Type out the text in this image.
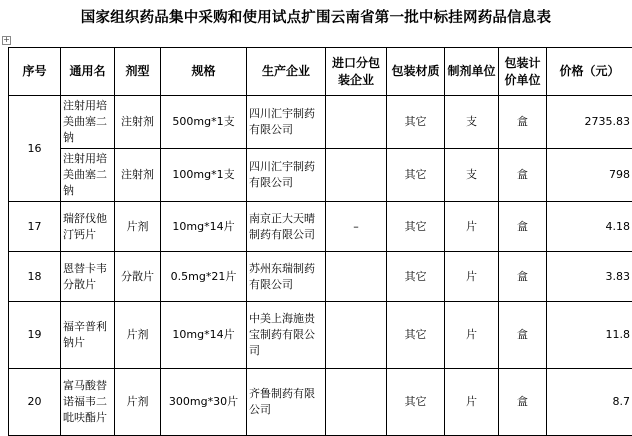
国家组织药品集中采购和使用试点扩围云南省第一批中标挂网药品信息表
+
序号	通用名	剂型	规格	生产企业	进口分包装企业	包装材质	制剂单位	包装计价单位	价格（元）
16	注射用培美曲塞二钠	注射剂	500mg*1支	四川汇宇制药有限公司		其它	支	盒	2735.83
	注射用培美曲塞二钠	注射剂	100mg*1支	四川汇宇制药有限公司		其它	支	盒	798
17	瑞舒伐他汀钙片	片剂	10mg*14片	南京正大天晴制药有限公司	–	其它	片	盒	4.18
18	恩替卡韦分散片	分散片	0.5mg*21片	苏州东瑞制药有限公司		其它	片	盒	3.83
19	福辛普利钠片	片剂	10mg*14片	中美上海施贵宝制药有限公司		其它	片	盒	11.8
20	富马酸替诺福韦二吡呋酯片	片剂	300mg*30片	齐鲁制药有限公司		其它	片	盒	8.7
